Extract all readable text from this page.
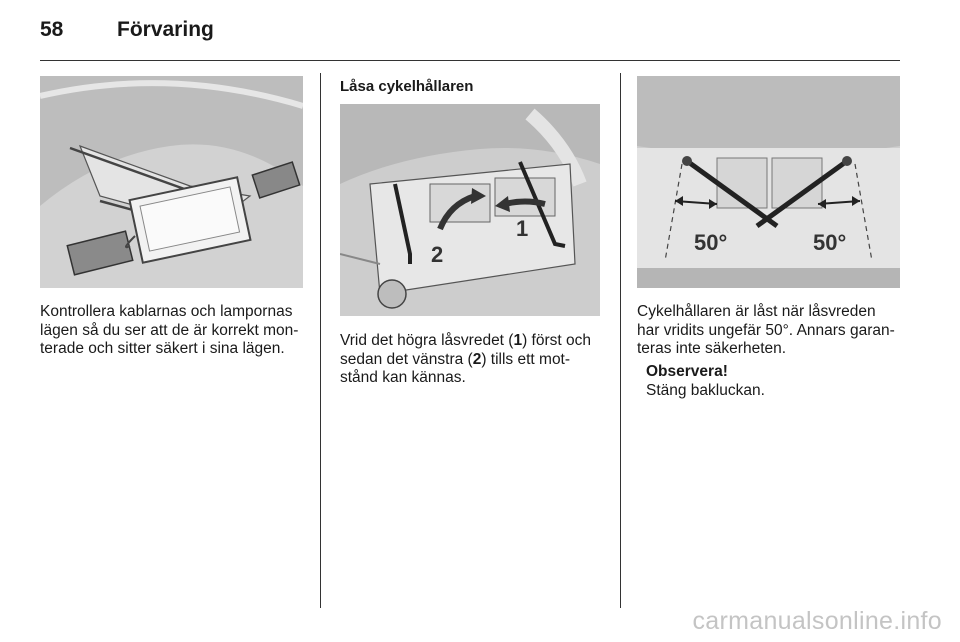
58	Förvaring

Kontrollera kablarnas och lampornas
lägen så du ser att de är korrekt mon-
terade och sitter säkert i sina lägen.

Låsa cykelhållaren
1
2

Vrid det högra låsvredet (1) först och
sedan det vänstra (2) tills ett mot-
stånd kan kännas.

50°	50°

Cykelhållaren är låst när låsvreden
har vridits ungefär 50°. Annars garan-
teras inte säkerheten.

Observera!
Stäng bakluckan.
carmanualsonline.info
